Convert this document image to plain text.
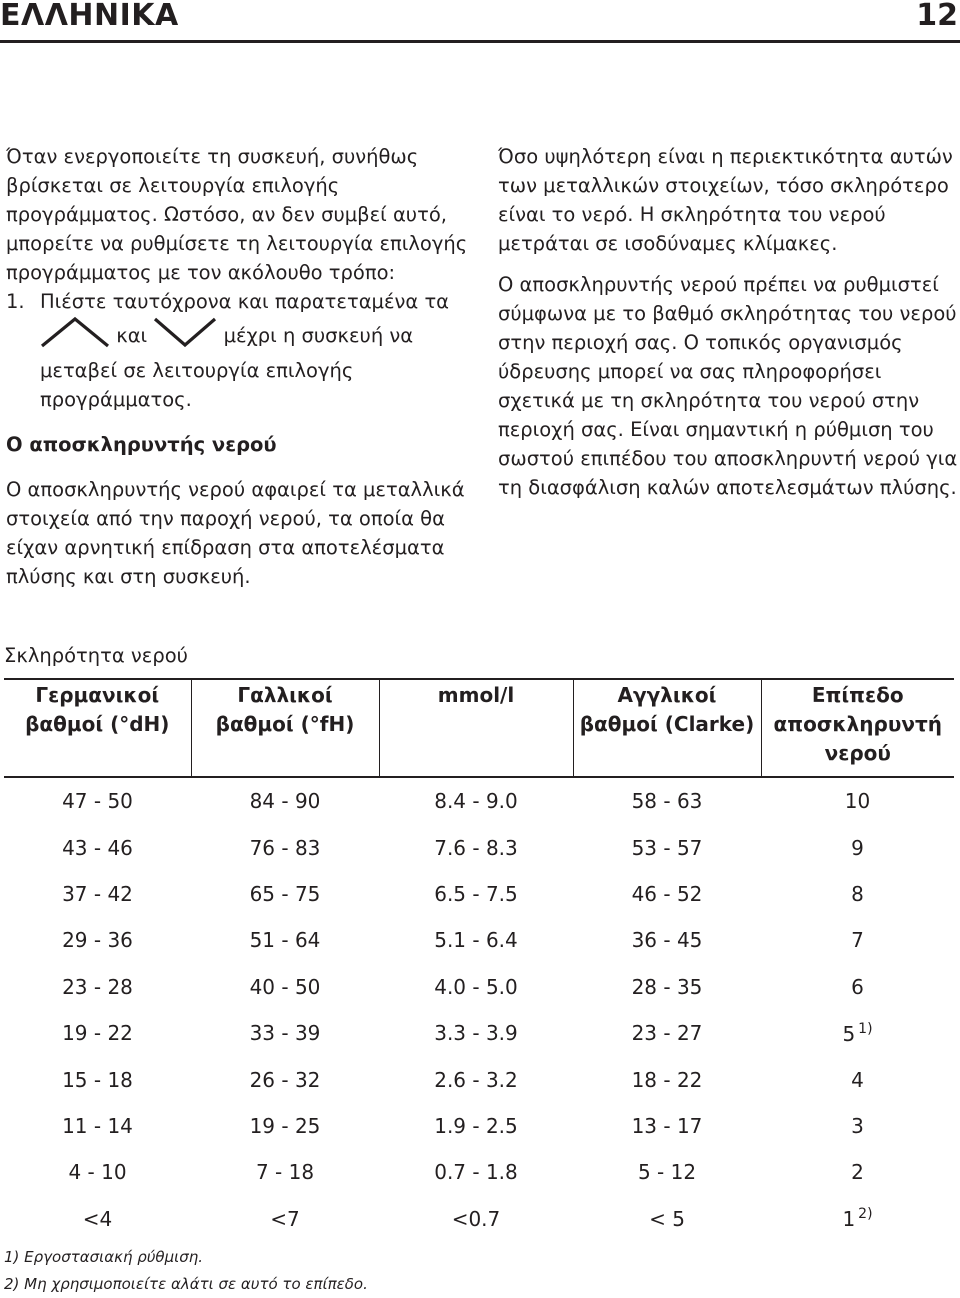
ΕΛΛΗΝΙΚΑ	12

Όταν ενεργοποιείτε τη συσκευή, συνήθως βρίσκεται σε λειτουργία επιλογής προγράμματος. Ωστόσο, αν δεν συμβεί αυτό, μπορείτε να ρυθμίσετε τη λειτουργία επιλογής προγράμματος με τον ακόλουθο τρόπο:

1. Πιέστε ταυτόχρονα και παρατεταμένα τα
και	μέχρι η συσκευή να μεταβεί σε λειτουργία επιλογής προγράμματος.

Ο αποσκληρυντής νερού

Ο αποσκληρυντής νερού αφαιρεί τα μεταλλικά στοιχεία από την παροχή νερού, τα οποία θα είχαν αρνητική επίδραση στα αποτελέσματα πλύσης και στη συσκευή.

Όσο υψηλότερη είναι η περιεκτικότητα αυτών των μεταλλικών στοιχείων, τόσο σκληρότερο είναι το νερό. Η σκληρότητα του νερού μετράται σε ισοδύναμες κλίμακες.

Ο αποσκληρυντής νερού πρέπει να ρυθμιστεί σύμφωνα με το βαθμό σκληρότητας του νερού στην περιοχή σας. Ο τοπικός οργανισμός ύδρευσης μπορεί να σας πληροφορήσει σχετικά με τη σκληρότητα του νερού στην περιοχή σας. Είναι σημαντική η ρύθμιση του σωστού επιπέδου του αποσκληρυντή νερού για τη διασφάλιση καλών αποτελεσμάτων πλύσης.

Σκληρότητα νερού
Γερμανικοί βαθμοί (°dH)	Γαλλικοί βαθμοί (°fH)	mmol/l	Αγγλικοί βαθμοί (Clarke)	Επίπεδο αποσκληρυντή νερού
47 - 50	84 - 90	8.4 - 9.0	58 - 63	10
43 - 46	76 - 83	7.6 - 8.3	53 - 57	9
37 - 42	65 - 75	6.5 - 7.5	46 - 52	8
29 - 36	51 - 64	5.1 - 6.4	36 - 45	7
23 - 28	40 - 50	4.0 - 5.0	28 - 35	6
19 - 22	33 - 39	3.3 - 3.9	23 - 27	5 $^{1)}$
15 - 18	26 - 32	2.6 - 3.2	18 - 22	4
11 - 14	19 - 25	1.9 - 2.5	13 - 17	3
4 - 10	7 - 18	0.7 - 1.8	5 - 12	2
<4	<7	<0.7	< 5	1 $^{2)}$

1) Εργοστασιακή ρύθμιση.

2) Μη χρησιμοποιείτε αλάτι σε αυτό το επίπεδο.
